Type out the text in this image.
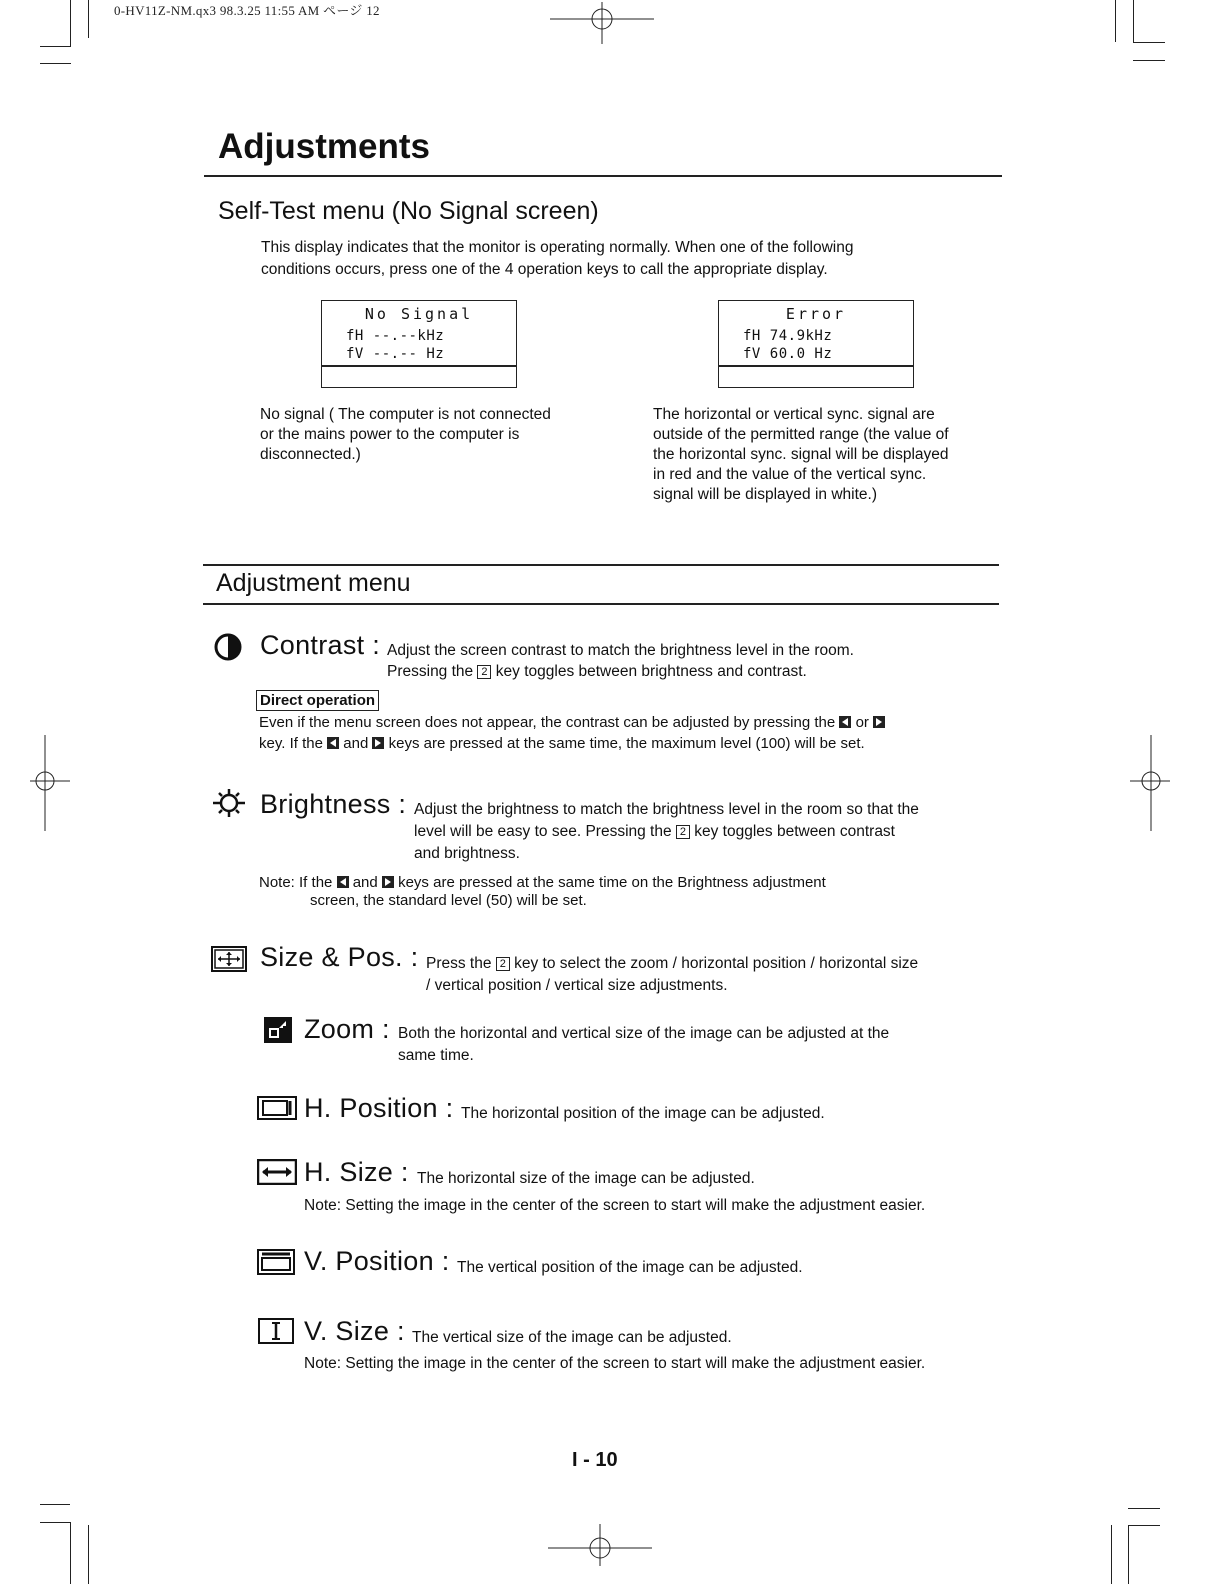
0-HV11Z-NM.qx3 98.3.25 11:55 AM ページ 12
Adjustments
Self-Test menu (No Signal screen)
This display indicates that the monitor is operating normally. When one of the following
conditions occurs, press one of the 4 operation keys to call the appropriate display.
No Signal
fH --.--kHz
fV --.-- Hz
Error
fH 74.9kHz
fV 60.0 Hz
No signal ( The computer is not connected
or the mains power to the computer is
disconnected.)
The horizontal or vertical sync. signal are
outside of the permitted range (the value of
the horizontal sync. signal will be displayed
in red and the value of the vertical sync.
signal will be displayed in white.)
Adjustment menu
Contrast : Adjust the screen contrast to match the brightness level in the room.
Pressing the 2 key toggles between brightness and contrast.
Direct operation
Even if the menu screen does not appear, the contrast can be adjusted by pressing the or
key. If the and keys are pressed at the same time, the maximum level (100) will be set.
Brightness : Adjust the brightness to match the brightness level in the room so that the
level will be easy to see. Pressing the 2 key toggles between contrast
and brightness.
Note: If the and keys are pressed at the same time on the Brightness adjustment
screen, the standard level (50) will be set.
Size & Pos. : Press the 2 key to select the zoom / horizontal position / horizontal size
/ vertical position / vertical size adjustments.
Zoom : Both the horizontal and vertical size of the image can be adjusted at the
same time.
H. Position : The horizontal position of the image can be adjusted.
H. Size : The horizontal size of the image can be adjusted.
Note: Setting the image in the center of the screen to start will make the adjustment easier.
V. Position : The vertical position of the image can be adjusted.
V. Size : The vertical size of the image can be adjusted.
Note: Setting the image in the center of the screen to start will make the adjustment easier.
I - 10
